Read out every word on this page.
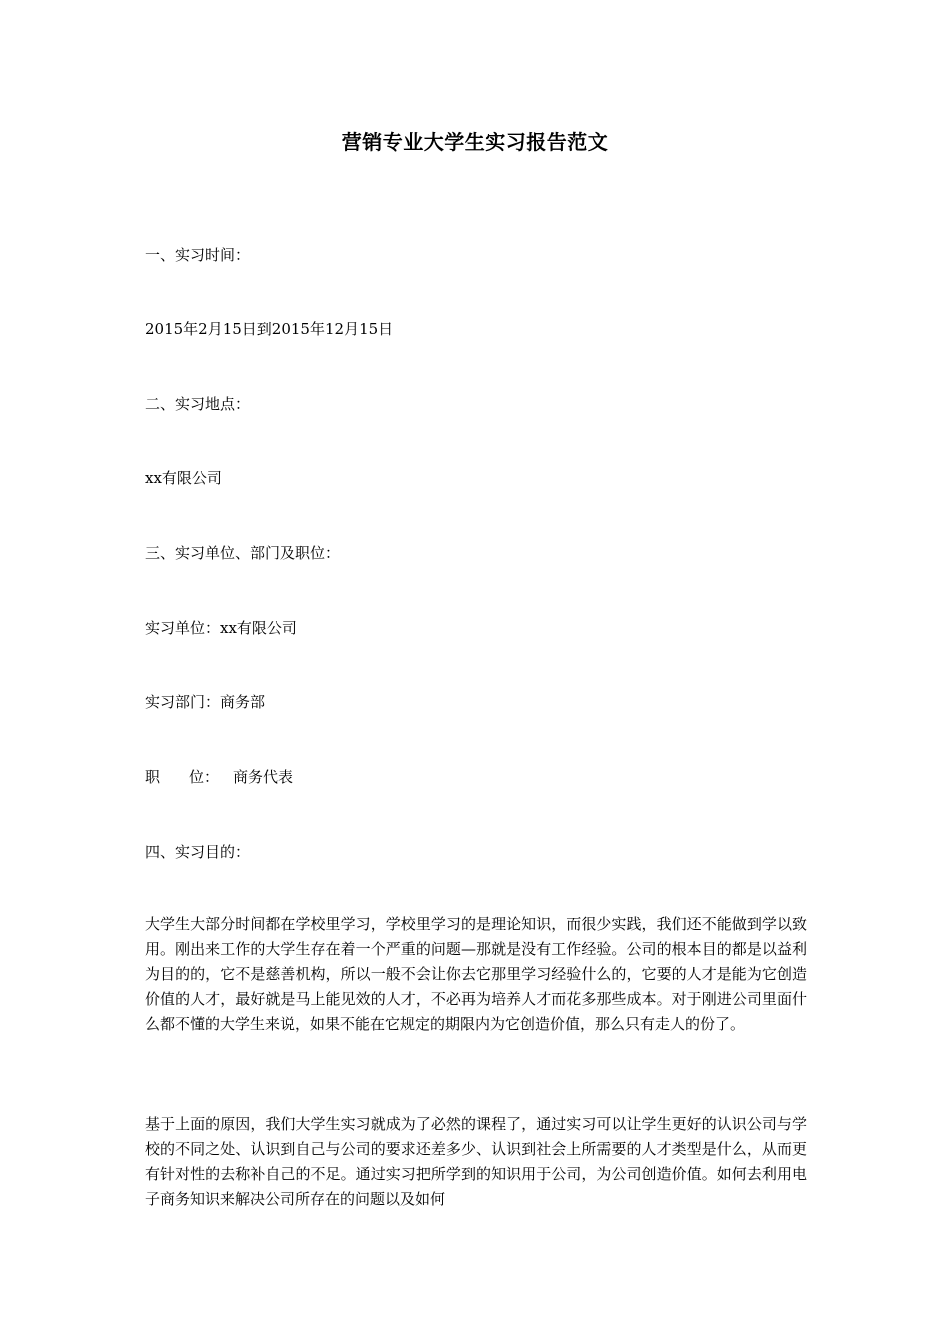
营销专业大学生实习报告范文
一、实习时间：
2015年2月15日到2015年12月15日
二、实习地点：
xx有限公司
三、实习单位、部门及职位：
实习单位：xx有限公司
实习部门：商务部
职 位： 商务代表
四、实习目的：
大学生大部分时间都在学校里学习，学校里学习的是理论知识，而很少实践，我们还不能做到学以致用。刚出来工作的大学生存在着一个严重的问题—那就是没有工作经验。公司的根本目的都是以益利为目的的，它不是慈善机构，所以一般不会让你去它那里学习经验什么的，它要的人才是能为它创造价值的人才，最好就是马上能见效的人才，不必再为培养人才而花多那些成本。对于刚进公司里面什么都不懂的大学生来说，如果不能在它规定的期限内为它创造价值，那么只有走人的份了。
基于上面的原因，我们大学生实习就成为了必然的课程了，通过实习可以让学生更好的认识公司与学校的不同之处、认识到自己与公司的要求还差多少、认识到社会上所需要的人才类型是什么，从而更有针对性的去称补自己的不足。通过实习把所学到的知识用于公司，为公司创造价值。如何去利用电子商务知识来解决公司所存在的问题以及如何
